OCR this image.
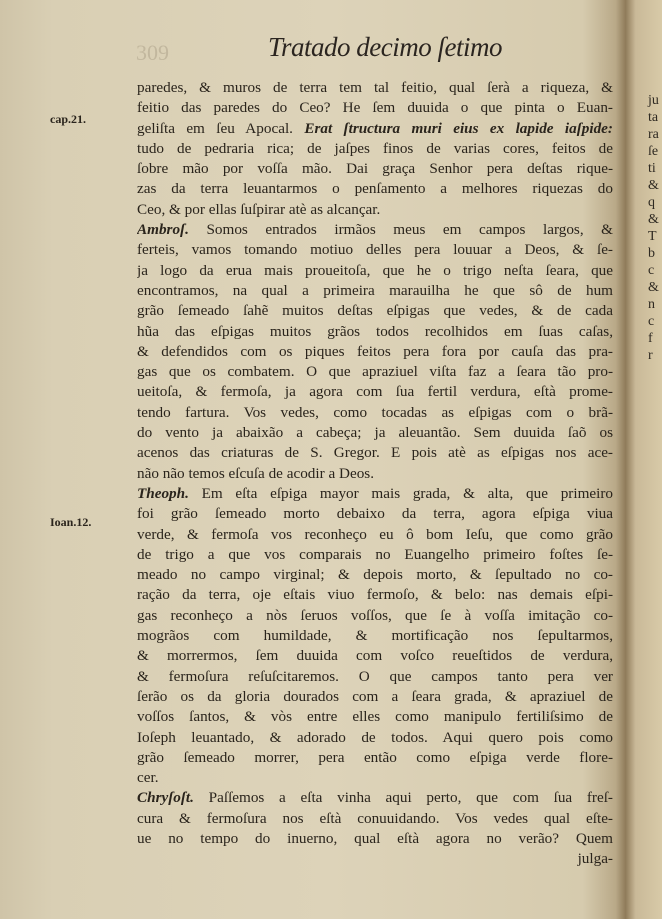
309	Tratado decimo ſetimo
cap.21.
Ioan.12.
paredes, & muros de terra tem tal feitio, qual ſerà a riqueza, &
feitio das paredes do Ceo? He ſem duuida o que pinta o Euan-
geliſta em ſeu Apocal. Erat ſtructura muri eius ex lapide iaſpide:
tudo de pedraria rica; de jaſpes finos de varias cores, feitos de
ſobre mão por voſſa mão. Dai graça Senhor pera deſtas rique-
zas da terra leuantarmos o penſamento a melhores riquezas do
Ceo, & por ellas ſuſpirar atè as alcançar.
Ambroſ. Somos entrados irmãos meus em campos largos, &
ferteis, vamos tomando motiuo delles pera louuar a Deos, & ſe-
ja logo da erua mais proueitoſa, que he o trigo neſta ſeara, que
encontramos, na qual a primeira marauilha he que sô de hum
grão ſemeado ſahẽ muitos deſtas eſpigas que vedes, & de cada
hũa das eſpigas muitos grãos todos recolhidos em ſuas caſas,
& defendidos com os piques feitos pera fora por cauſa das pra-
gas que os combatem. O que apraziuel viſta faz a ſeara tão pro-
ueitoſa, & fermoſa, ja agora com ſua fertil verdura, eſtà prome-
tendo fartura. Vos vedes, como tocadas as eſpigas com o brã-
do vento ja abaixão a cabeça; ja aleuantão. Sem duuida ſaõ os
acenos das criaturas de S. Gregor. E pois atè as eſpigas nos ace-
não não temos eſcuſa de acodir a Deos.
Theoph. Em eſta eſpiga mayor mais grada, & alta, que primeiro
foi grão ſemeado morto debaixo da terra, agora eſpiga viua
verde, & fermoſa vos reconheço eu ô bom Ieſu, que como grão
de trigo a que vos comparais no Euangelho primeiro foſtes ſe-
meado no campo virginal; & depois morto, & ſepultado no co-
ração da terra, oje eſtais viuo fermoſo, & belo: nas demais eſpi-
gas reconheço a nòs ſeruos voſſos, que ſe à voſſa imitação co-
mogrãos com humildade, & mortificação nos ſepultarmos,
& morrermos, ſem duuida com voſco reueſtidos de verdura,
& fermoſura reſuſcitaremos. O que campos tanto pera ver
ſerão os da gloria dourados com a ſeara grada, & apraziuel de
voſſos ſantos, & vòs entre elles como manipulo fertiliſsimo de
Ioſeph leuantado, & adorado de todos. Aqui quero pois como
grão ſemeado morrer, pera então como eſpiga verde flore-
cer.
Chryſoſt. Paſſemos a eſta vinha aqui perto, que com ſua freſ-
cura & fermoſura nos eſtà conuuidando. Vos vedes qual eſte-
ue no tempo do inuerno, qual eſtà agora no verão? Quem
julga-
ju
ta
ra
ſe
ti
&
q
&
T
b
c
&
n
c
f
r
